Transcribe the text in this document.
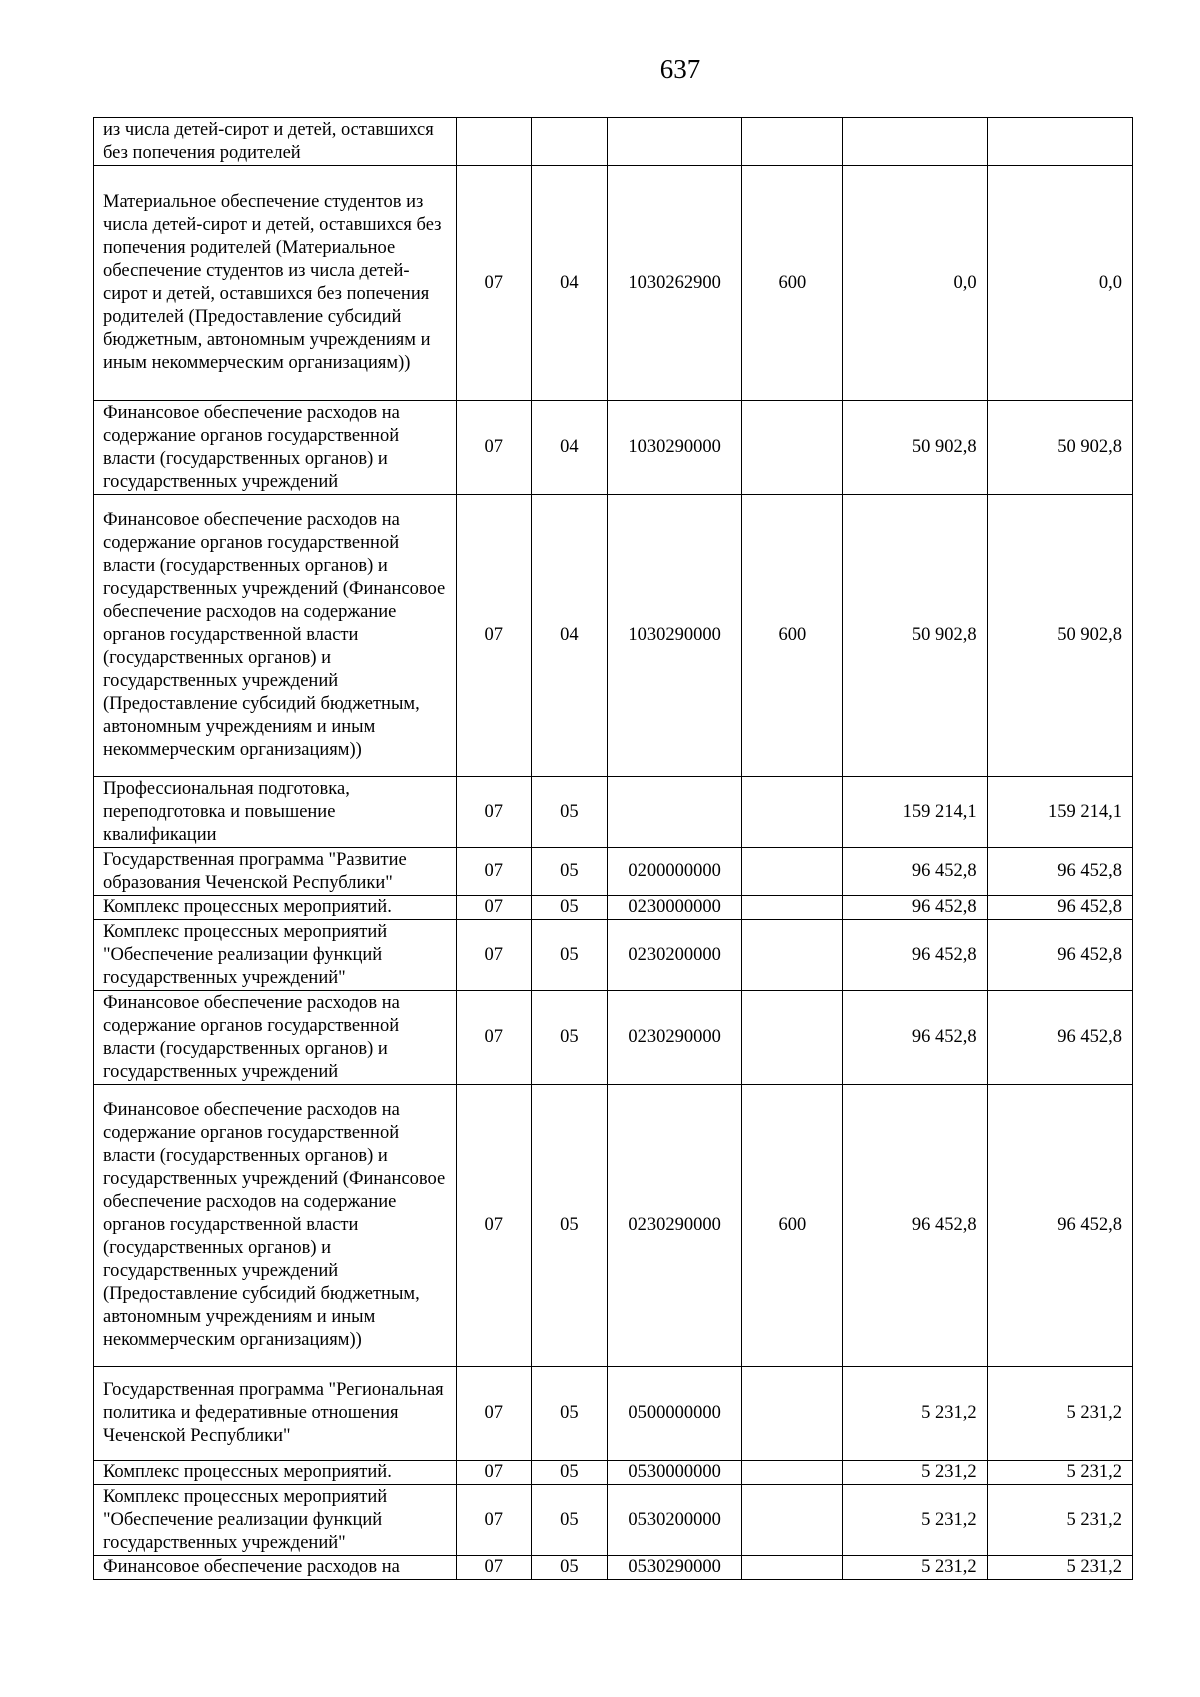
637
из числа детей-сирот и детей, оставшихся без попечения родителей						
Материальное обеспечение студентов из числа детей-сирот и детей, оставшихся без попечения родителей (Материальное обеспечение студентов из числа детей-сирот и детей, оставшихся без попечения родителей (Предоставление субсидий бюджетным, автономным учреждениям и иным некоммерческим организациям))	07	04	1030262900	600	0,0	0,0
Финансовое обеспечение расходов на содержание органов государственной власти (государственных органов) и государственных учреждений	07	04	1030290000		50 902,8	50 902,8
Финансовое обеспечение расходов на содержание органов государственной власти (государственных органов) и государственных учреждений (Финансовое обеспечение расходов на содержание органов государственной власти (государственных органов) и государственных учреждений (Предоставление субсидий бюджетным, автономным учреждениям и иным некоммерческим организациям))	07	04	1030290000	600	50 902,8	50 902,8
Профессиональная подготовка, переподготовка и повышение квалификации	07	05			159 214,1	159 214,1
Государственная программа "Развитие образования Чеченской Республики"	07	05	0200000000		96 452,8	96 452,8
Комплекс процессных мероприятий.	07	05	0230000000		96 452,8	96 452,8
Комплекс процессных мероприятий "Обеспечение реализации функций государственных учреждений"	07	05	0230200000		96 452,8	96 452,8
Финансовое обеспечение расходов на содержание органов государственной власти (государственных органов) и государственных учреждений	07	05	0230290000		96 452,8	96 452,8
Финансовое обеспечение расходов на содержание органов государственной власти (государственных органов) и государственных учреждений (Финансовое обеспечение расходов на содержание органов государственной власти (государственных органов) и государственных учреждений (Предоставление субсидий бюджетным, автономным учреждениям и иным некоммерческим организациям))	07	05	0230290000	600	96 452,8	96 452,8
Государственная программа "Региональная политика и федеративные отношения Чеченской Республики"	07	05	0500000000		5 231,2	5 231,2
Комплекс процессных мероприятий.	07	05	0530000000		5 231,2	5 231,2
Комплекс процессных мероприятий "Обеспечение реализации функций государственных учреждений"	07	05	0530200000		5 231,2	5 231,2
Финансовое обеспечение расходов на	07	05	0530290000		5 231,2	5 231,2
